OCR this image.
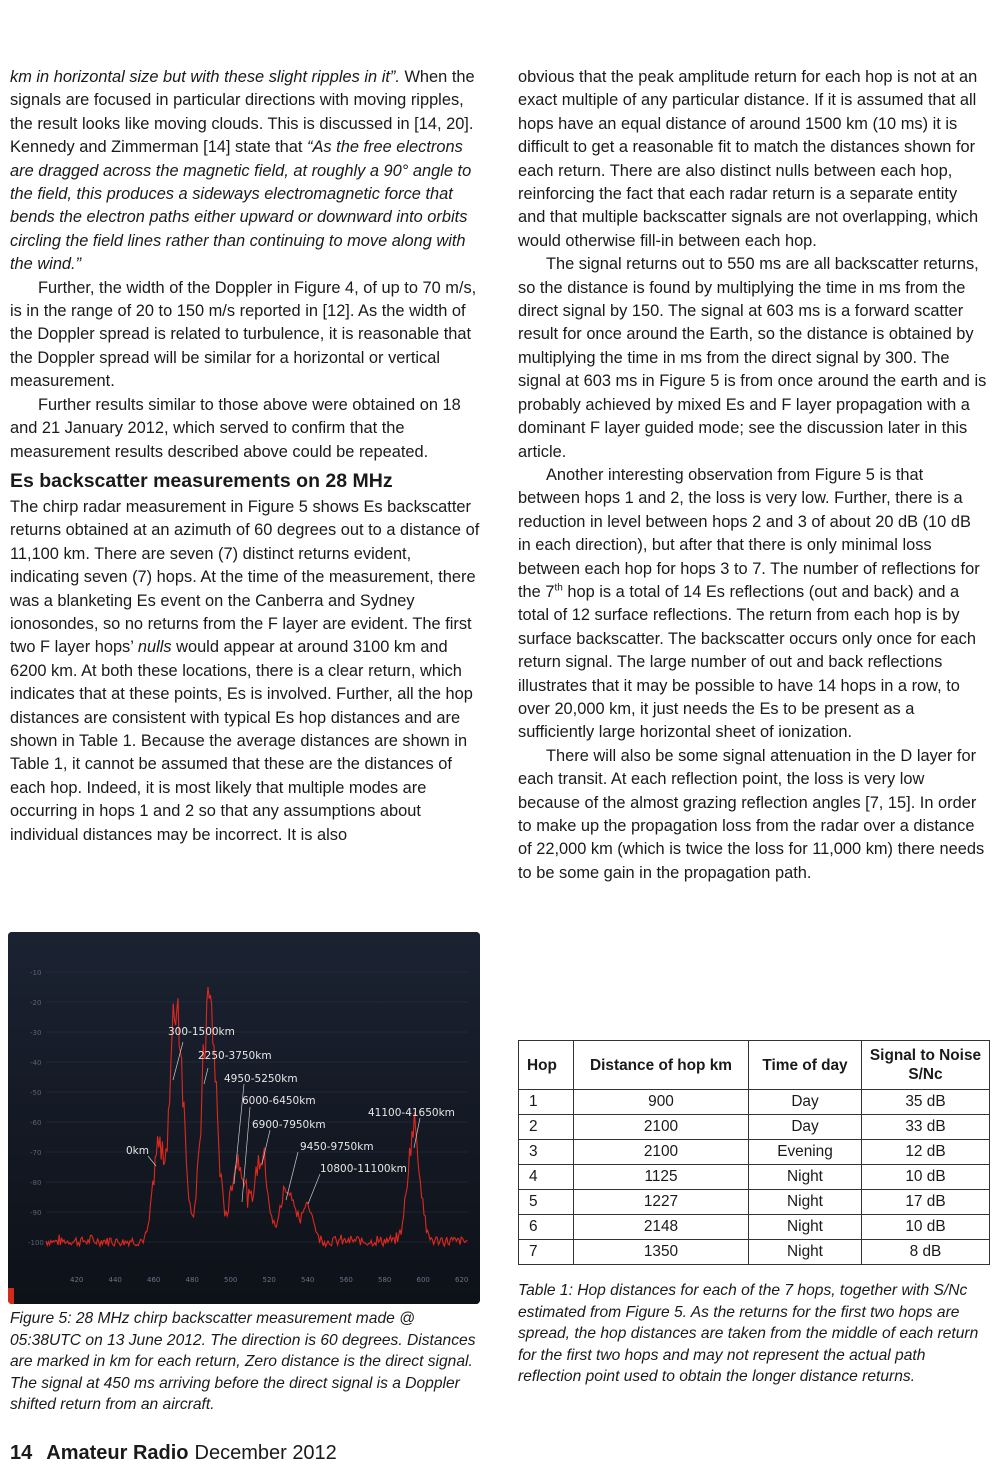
km in horizontal size but with these slight ripples in it”. When the signals are focused in particular directions with moving ripples, the result looks like moving clouds. This is discussed in [14, 20]. Kennedy and Zimmerman [14] state that “As the free electrons are dragged across the magnetic field, at roughly a 90° angle to the field, this produces a sideways electromagnetic force that bends the electron paths either upward or downward into orbits circling the field lines rather than continuing to move along with the wind.”

Further, the width of the Doppler in Figure 4, of up to 70 m/s, is in the range of 20 to 150 m/s reported in [12]. As the width of the Doppler spread is related to turbulence, it is reasonable that the Doppler spread will be similar for a horizontal or vertical measurement.

Further results similar to those above were obtained on 18 and 21 January 2012, which served to confirm that the measurement results described above could be repeated.

Es backscatter measurements on 28 MHz

The chirp radar measurement in Figure 5 shows Es backscatter returns obtained at an azimuth of 60 degrees out to a distance of 11,100 km. There are seven (7) distinct returns evident, indicating seven (7) hops. At the time of the measurement, there was a blanketing Es event on the Canberra and Sydney ionosondes, so no returns from the F layer are evident. The first two F layer hops’ nulls would appear at around 3100 km and 6200 km. At both these locations, there is a clear return, which indicates that at these points, Es is involved. Further, all the hop distances are consistent with typical Es hop distances and are shown in Table 1. Because the average distances are shown in Table 1, it cannot be assumed that these are the distances of each hop. Indeed, it is most likely that multiple modes are occurring in hops 1 and 2 so that any assumptions about individual distances may be incorrect. It is also

obvious that the peak amplitude return for each hop is not at an exact multiple of any particular distance. If it is assumed that all hops have an equal distance of around 1500 km (10 ms) it is difficult to get a reasonable fit to match the distances shown for each return. There are also distinct nulls between each hop, reinforcing the fact that each radar return is a separate entity and that multiple backscatter signals are not overlapping, which would otherwise fill-in between each hop.

The signal returns out to 550 ms are all backscatter returns, so the distance is found by multiplying the time in ms from the direct signal by 150. The signal at 603 ms is a forward scatter result for once around the Earth, so the distance is obtained by multiplying the time in ms from the direct signal by 300. The signal at 603 ms in Figure 5 is from once around the earth and is probably achieved by mixed Es and F layer propagation with a dominant F layer guided mode; see the discussion later in this article.

Another interesting observation from Figure 5 is that between hops 1 and 2, the loss is very low. Further, there is a reduction in level between hops 2 and 3 of about 20 dB (10 dB in each direction), but after that there is only minimal loss between each hop for hops 3 to 7. The number of reflections for the 7th hop is a total of 14 Es reflections (out and back) and a total of 12 surface reflections. The return from each hop is by surface backscatter. The backscatter occurs only once for each return signal. The large number of out and back reflections illustrates that it may be possible to have 14 hops in a row, to over 20,000 km, it just needs the Es to be present as a sufficiently large horizontal sheet of ionization.

There will also be some signal attenuation in the D layer for each transit. At each reflection point, the loss is very low because of the almost grazing reflection angles [7, 15]. In order to make up the propagation loss from the radar over a distance of 22,000 km (which is twice the loss for 11,000 km) there needs to be some gain in the propagation path.

-10
-20
-30
-40
-50
-60
-70
-80
-90
-100
420	440	460	480	500	520	540	560	580	600	620
0km
300-1500km
2250-3750km
4950-5250km
6000-6450km
6900-7950km
9450-9750km
10800-11100km
41100-41650km
Figure 5: 28 MHz chirp backscatter measurement made @ 05:38UTC on 13 June 2012. The direction is 60 degrees. Distances are marked in km for each return, Zero distance is the direct signal. The signal at 450 ms arriving before the direct signal is a Doppler shifted return from an aircraft.
Hop	Distance of hop km	Time of day	Signal to Noise S/Nc
1	900	Day	35 dB
2	2100	Day	33 dB
3	2100	Evening	12 dB
4	1125	Night	10 dB
5	1227	Night	17 dB
6	2148	Night	10 dB
7	1350	Night	8 dB
Table 1: Hop distances for each of the 7 hops, together with S/Nc estimated from Figure 5. As the returns for the first two hops are spread, the hop distances are taken from the middle of each return for the first two hops and may not represent the actual path reflection point used to obtain the longer distance returns.
14 Amateur Radio December 2012
